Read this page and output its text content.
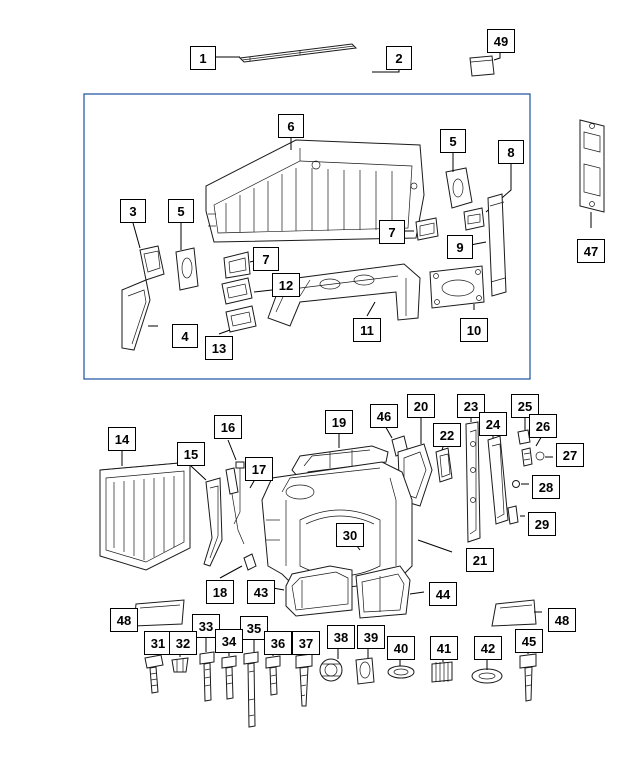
1	2
49
6
5
8
3	5
7
9	47
7
12
4	11	10
13
20	23	25
19	46
24	26
14
16
22
27
15
17
28
29
30
21
18	43	44
48	48
33	35
31 32	34	36	37	38	39
40	41	42	45
